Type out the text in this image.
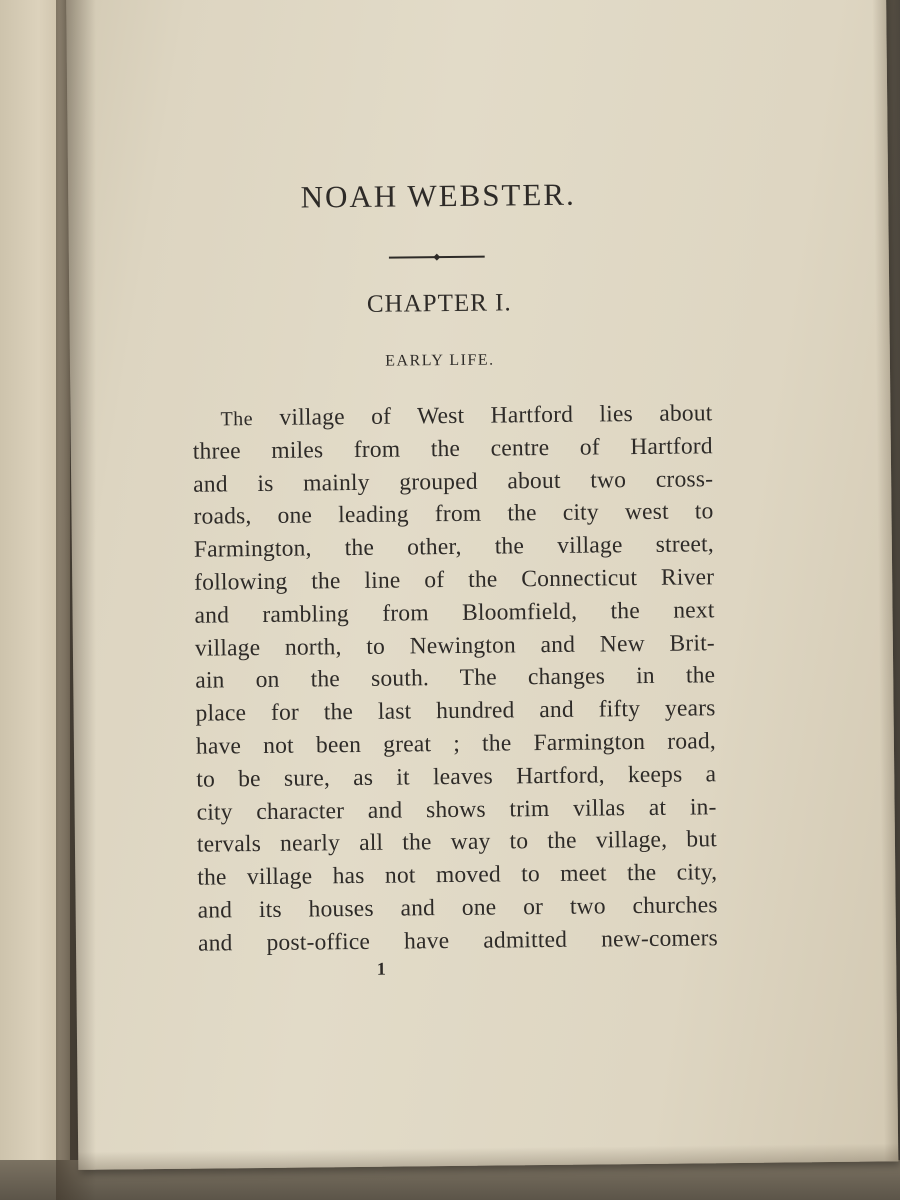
NOAH WEBSTER.
CHAPTER I.
EARLY LIFE.
The village of West Hartford lies about
three miles from the centre of Hartford
and is mainly grouped about two cross-
roads, one leading from the city west to
Farmington, the other, the village street,
following the line of the Connecticut River
and rambling from Bloomfield, the next
village north, to Newington and New Brit-
ain on the south. The changes in the
place for the last hundred and fifty years
have not been great ; the Farmington road,
to be sure, as it leaves Hartford, keeps a
city character and shows trim villas at in-
tervals nearly all the way to the village, but
the village has not moved to meet the city,
and its houses and one or two churches
and post-office have admitted new-comers
1
